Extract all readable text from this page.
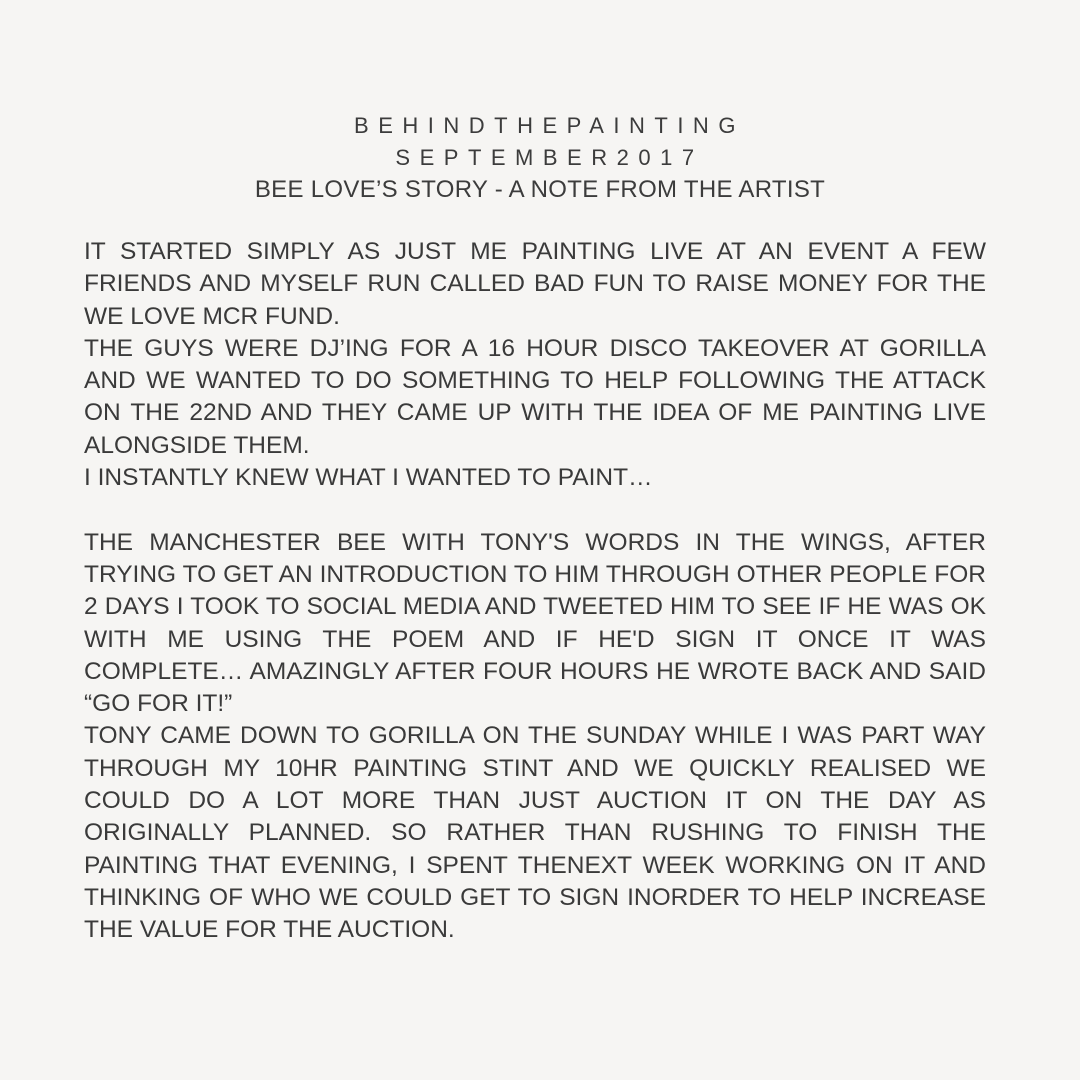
BEHINDTHEPAINTING
SEPTEMBER2017
BEE LOVE’S STORY - A NOTE FROM THE ARTIST

IT STARTED SIMPLY AS JUST ME PAINTING LIVE AT AN EVENT A FEW FRIENDS AND MYSELF RUN CALLED BAD FUN TO RAISE MONEY FOR THE WE LOVE MCR FUND.

THE GUYS WERE DJ’ING FOR A 16 HOUR DISCO TAKEOVER AT GORILLA AND WE WANTED TO DO SOMETHING TO HELP FOLLOWING THE ATTACK ON THE 22ND AND THEY CAME UP WITH THE IDEA OF ME PAINTING LIVE ALONGSIDE THEM.

I INSTANTLY KNEW WHAT I WANTED TO PAINT…

THE MANCHESTER BEE WITH TONY'S WORDS IN THE WINGS, AFTER TRYING TO GET AN INTRODUCTION TO HIM THROUGH OTHER PEOPLE FOR 2 DAYS I TOOK TO SOCIAL MEDIA AND TWEETED HIM TO SEE IF HE WAS OK WITH ME USING THE POEM AND IF HE'D SIGN IT ONCE IT WAS COMPLETE… AMAZINGLY AFTER FOUR HOURS HE WROTE BACK AND SAID “GO FOR IT!”

TONY CAME DOWN TO GORILLA ON THE SUNDAY WHILE I WAS PART WAY THROUGH MY 10HR PAINTING STINT AND WE QUICKLY REALISED WE COULD DO A LOT MORE THAN JUST AUCTION IT ON THE DAY AS ORIGINALLY PLANNED. SO RATHER THAN RUSHING TO FINISH THE PAINTING THAT EVENING, I SPENT THENEXT WEEK WORKING ON IT AND THINKING OF WHO WE COULD GET TO SIGN INORDER TO HELP INCREASE THE VALUE FOR THE AUCTION.
